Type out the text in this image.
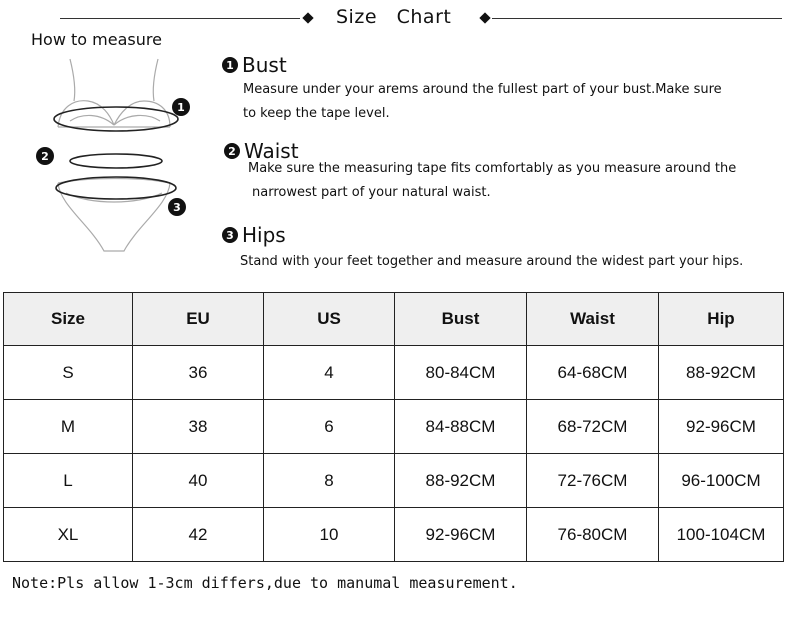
Size   Chart
How to measure
1
2
3
1 Bust
Measure under your arems around the fullest part of your bust.Make sure
to keep the tape level.
2 Waist
Make sure the measuring tape fits comfortably as you measure around the
narrowest part of your natural waist.
3 Hips
Stand with your feet together and measure around the widest part your hips.
Size	EU	US	Bust	Waist	Hip
S	36	4	80-84CM	64-68CM	88-92CM
M	38	6	84-88CM	68-72CM	92-96CM
L	40	8	88-92CM	72-76CM	96-100CM
XL	42	10	92-96CM	76-80CM	100-104CM
Note:Pls allow 1-3cm differs,due to manumal measurement.
